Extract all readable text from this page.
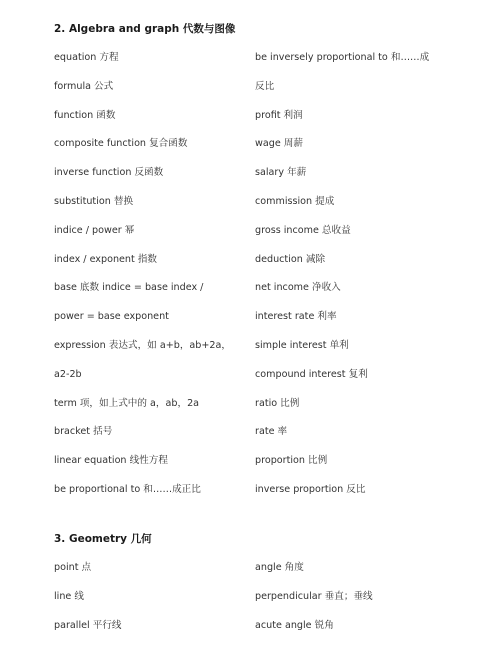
2. Algebra and graph 代数与图像
equation 方程
formula 公式
function 函数
composite function 复合函数
inverse function 反函数
substitution 替换
indice / power 幂
index / exponent 指数
base 底数 indice = base index /
power = base exponent
expression 表达式，如 a+b，ab+2a，
a2-2b
term 项，如上式中的 a，ab，2a
bracket 括号
linear equation 线性方程
be proportional to 和……成正比
be inversely proportional to 和……成
反比
profit 利润
wage 周薪
salary 年薪
commission 提成
gross income 总收益
deduction 减除
net income 净收入
interest rate 利率
simple interest 单利
compound interest 复利
ratio 比例
rate 率
proportion 比例
inverse proportion 反比
3. Geometry 几何
point 点
line 线
parallel 平行线
angle 角度
perpendicular 垂直；垂线
acute angle 锐角
